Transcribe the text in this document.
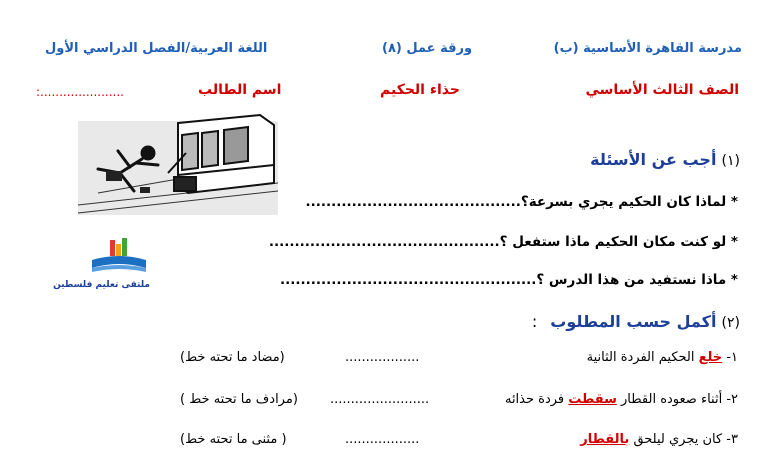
مدرسة القاهرة الأساسية (ب)
ورقة عمل (٨)
اللغة العربية/الفصل الدراسي الأول
الصف الثالث الأساسي
حذاء الحكيم
اسم الطالب
:......................
ملتقى تعليم فلسطين
(١) أجب عن الأسئلة
* لماذا كان الحكيم يجري بسرعة؟..........................................
* لو كنت مكان الحكيم ماذا ستفعل ؟.............................................
* ماذا نستفيد من هذا الدرس ؟..................................................
(٢) أكمل حسب المطلوب :
١- خلع الحكيم الفردة الثانية
..................
(مضاد ما تحته خط)
٢- أثناء صعوده القطار سقطت فردة حذائه
........................
(مرادف ما تحته خط )
٣- كان يجري ليلحق بالقطار
..................
( مثنى ما تحته خط)
